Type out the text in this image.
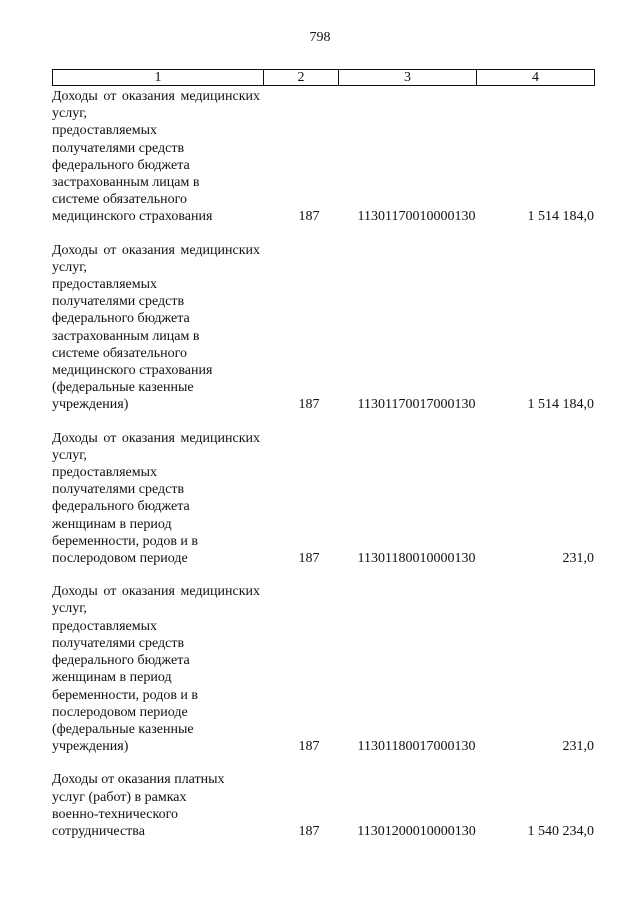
798
1	2	3	4
Доходы от оказания медицинских услуг,
предоставляемых
получателями средств
федерального бюджета
застрахованным лицам в
системе обязательного
медицинского страхования	187	11301170010000130	1 514 184,0
Доходы от оказания медицинских услуг,
предоставляемых
получателями средств
федерального бюджета
застрахованным лицам в
системе обязательного
медицинского страхования
(федеральные казенные
учреждения)	187	11301170017000130	1 514 184,0
Доходы от оказания медицинских услуг,
предоставляемых
получателями средств
федерального бюджета
женщинам в период
беременности, родов и в
послеродовом периоде	187	11301180010000130	231,0
Доходы от оказания медицинских услуг,
предоставляемых
получателями средств
федерального бюджета
женщинам в период
беременности, родов и в
послеродовом периоде
(федеральные казенные
учреждения)	187	11301180017000130	231,0
Доходы от оказания платных
услуг (работ) в рамках
военно-технического
сотрудничества	187	11301200010000130	1 540 234,0
